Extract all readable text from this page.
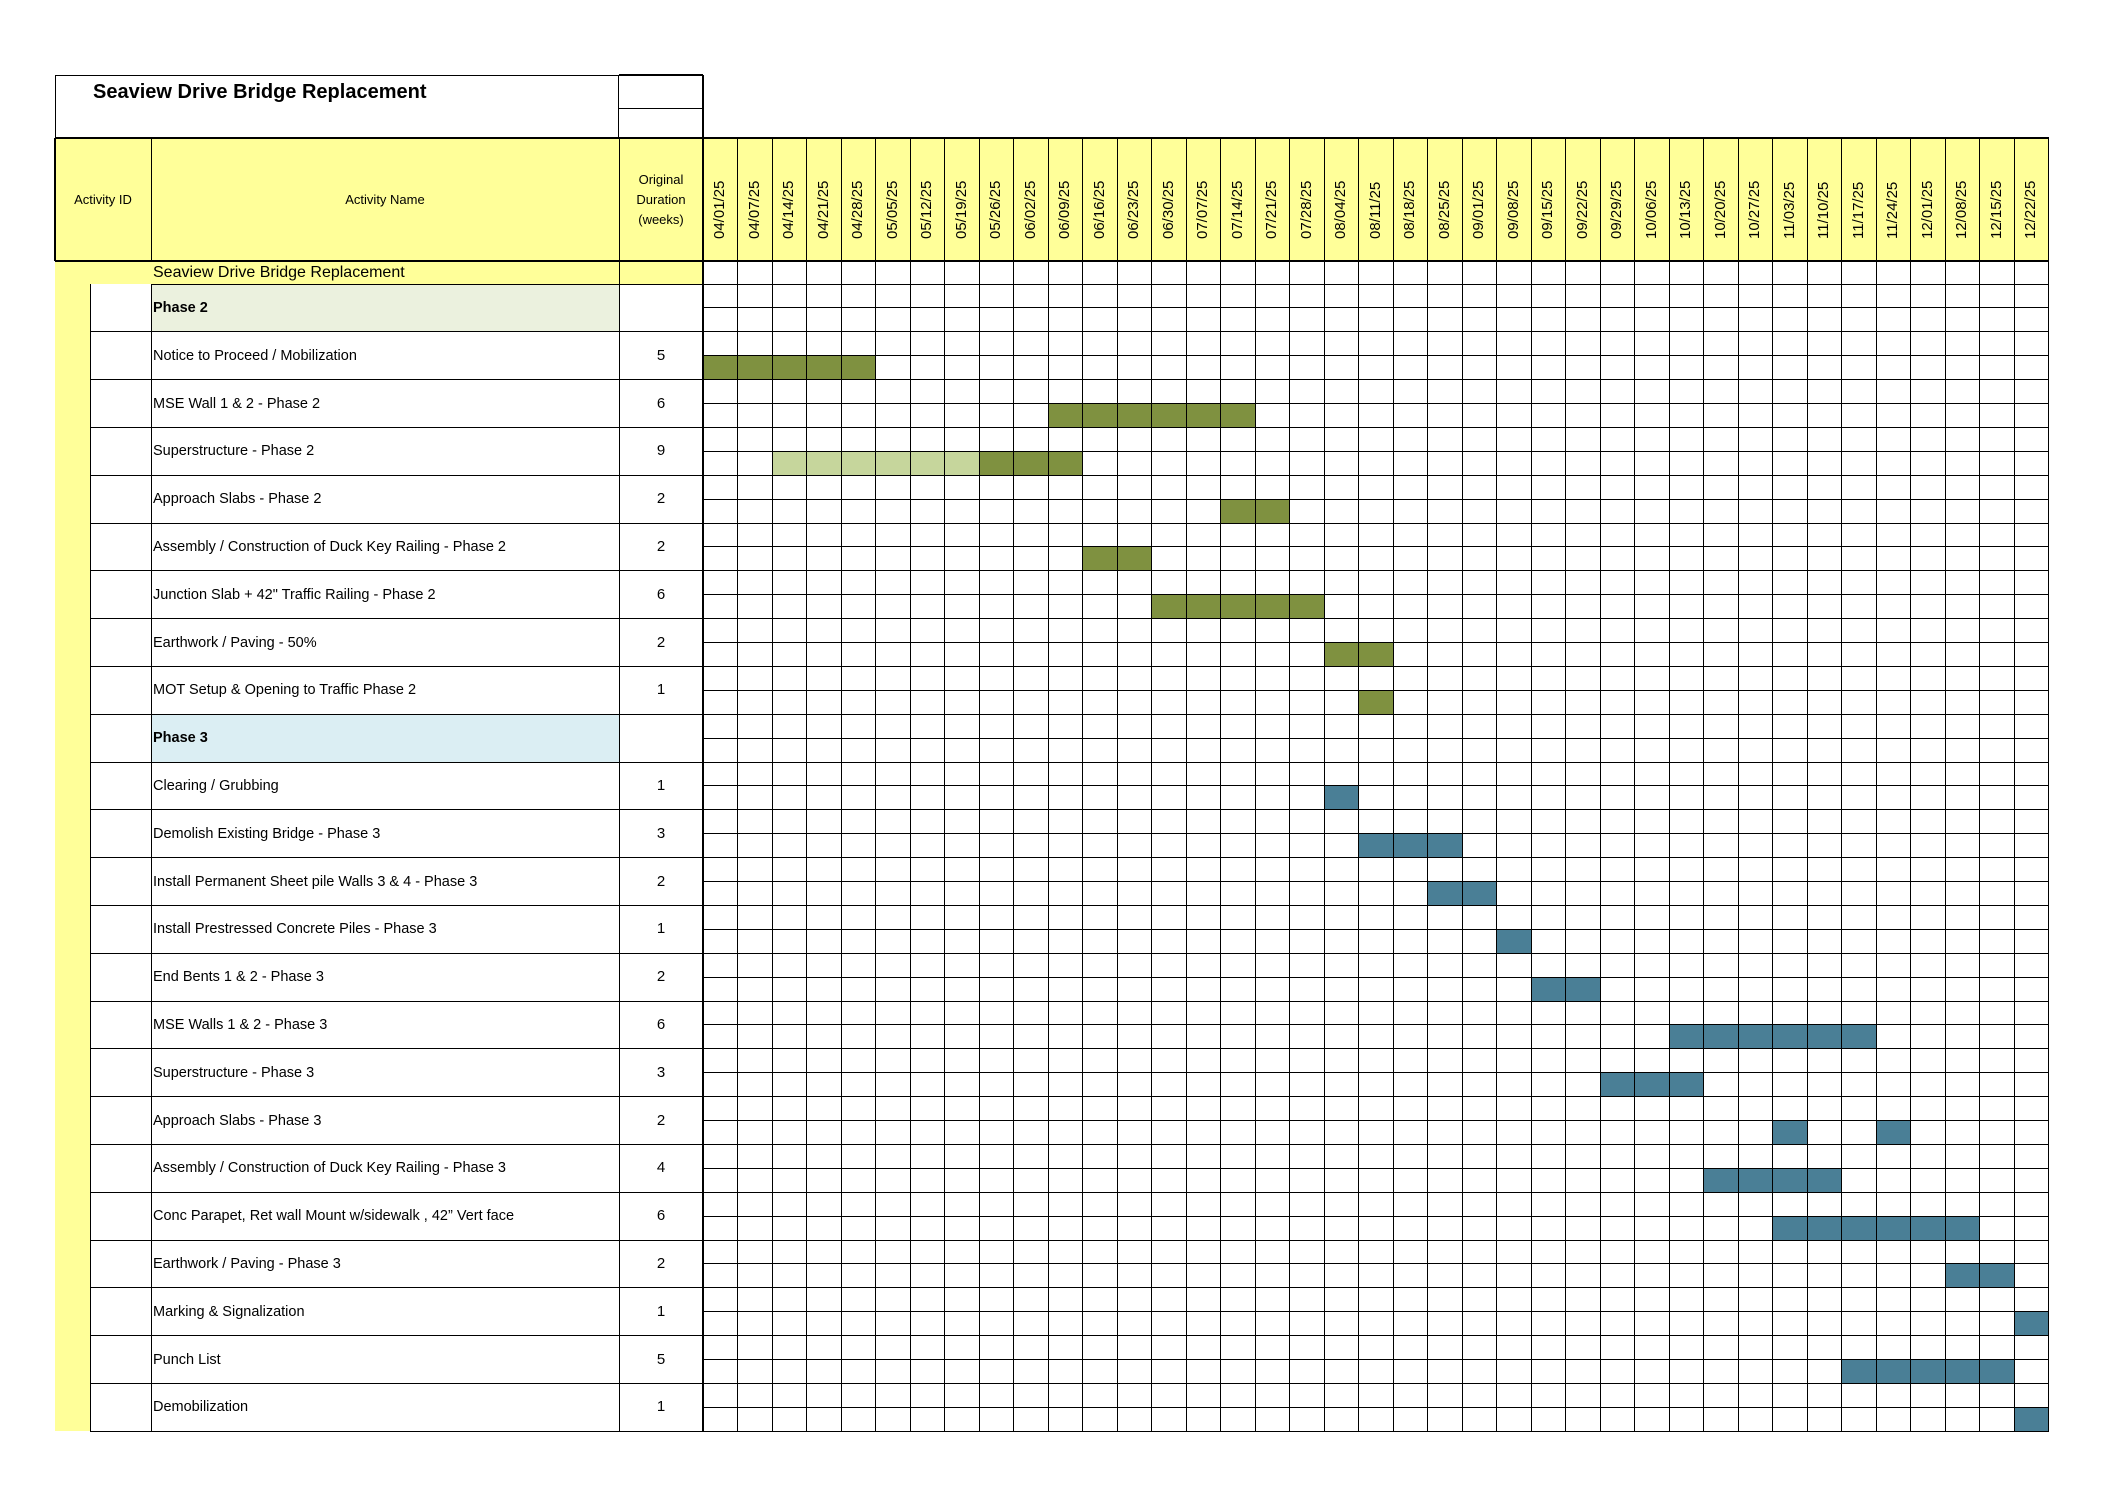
Seaview Drive Bridge Replacement
Activity ID	Activity Name
Original
Duration
(weeks)	04/01/25 04/07/25 04/14/25 04/21/25 04/28/25 05/05/25 05/12/25 05/19/25 05/26/25 06/02/25 06/09/25 06/16/25 06/23/25 06/30/25 07/07/25 07/14/25 07/21/25 07/28/25 08/04/25 08/11/25 08/18/25 08/25/25 09/01/25 09/08/25 09/15/25 09/22/25 09/29/25 10/06/25 10/13/25 10/20/25 10/27/25 11/03/25 11/10/25 11/17/25 11/24/25 12/01/25 12/08/25 12/15/25 12/22/25
Seaview Drive Bridge Replacement
Phase 2
Notice to Proceed / Mobilization	5
MSE Wall 1 & 2 - Phase 2	6
Superstructure - Phase 2	9
Approach Slabs - Phase 2	2
Assembly / Construction of Duck Key Railing - Phase 2	2
Junction Slab + 42" Traffic Railing - Phase 2	6
Earthwork / Paving - 50%	2
MOT Setup & Opening to Traffic Phase 2	1
Phase 3
Clearing / Grubbing	1
Demolish Existing Bridge - Phase 3	3
Install Permanent Sheet pile Walls 3 & 4 - Phase 3	2
Install Prestressed Concrete Piles - Phase 3	1
End Bents 1 & 2 - Phase 3	2
MSE Walls 1 & 2 - Phase 3	6
Superstructure - Phase 3	3
Approach Slabs - Phase 3	2
Assembly / Construction of Duck Key Railing - Phase 3	4
Conc Parapet, Ret wall Mount w/sidewalk , 42” Vert face	6
Earthwork / Paving - Phase 3	2
Marking & Signalization	1
Punch List	5
Demobilization	1
